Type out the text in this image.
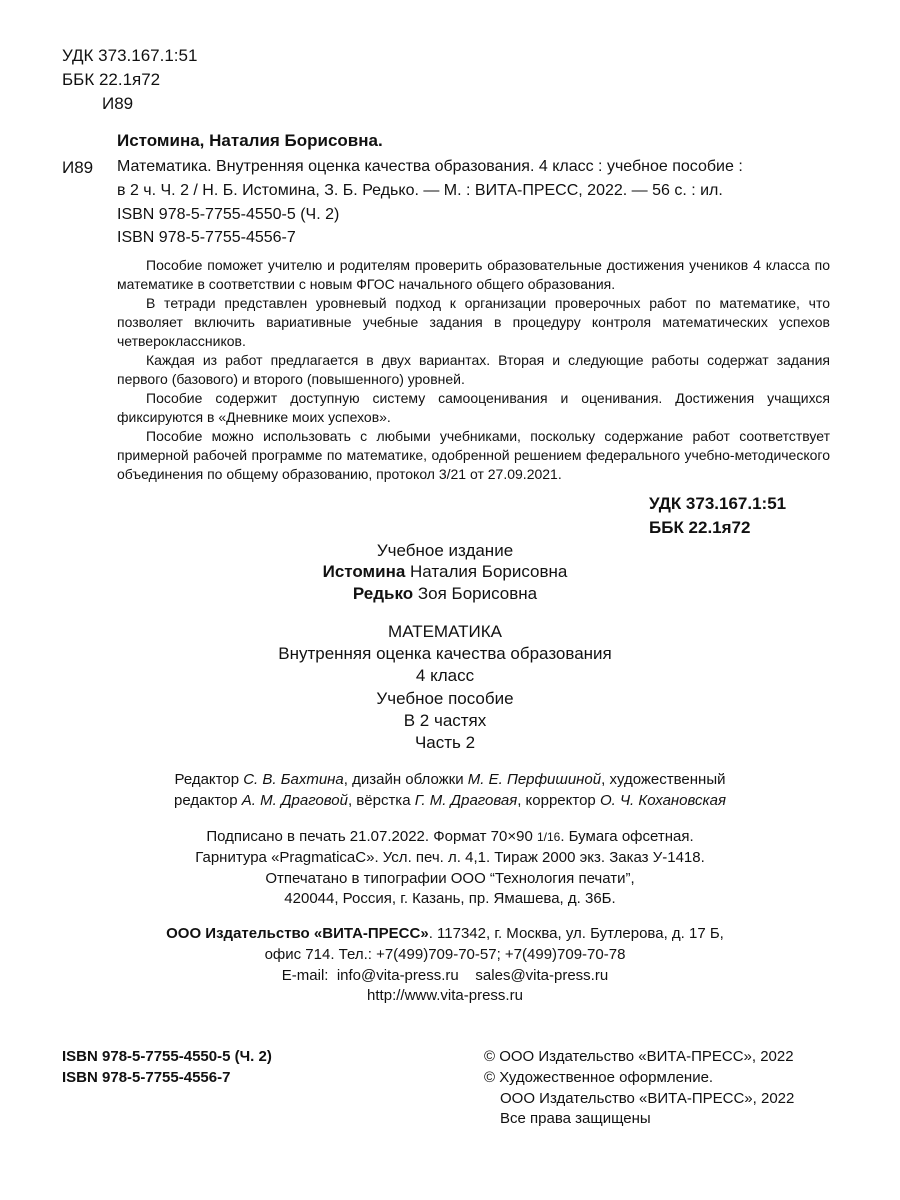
УДК 373.167.1:51
ББК 22.1я72
И89
Истомина, Наталия Борисовна.
И89 Математика. Внутренняя оценка качества образования. 4 класс : учебное пособие :
в 2 ч. Ч. 2 / Н. Б. Истомина, З. Б. Редько. — М. : ВИТА-ПРЕСС, 2022. — 56 с. : ил.
ISBN 978-5-7755-4550-5 (Ч. 2)
ISBN 978-5-7755-4556-7

Пособие поможет учителю и родителям проверить образовательные достижения учеников 4 класса по математике в соответствии с новым ФГОС начального общего образования.

В тетради представлен уровневый подход к организации проверочных работ по математике, что позволяет включить вариативные учебные задания в процедуру контроля математических успехов четвероклассников.

Каждая из работ предлагается в двух вариантах. Вторая и следующие работы содержат задания первого (базового) и второго (повышенного) уровней.

Пособие содержит доступную систему самооценивания и оценивания. Достижения учащихся фиксируются в «Дневнике моих успехов».

Пособие можно использовать с любыми учебниками, поскольку содержание работ соответствует примерной рабочей программе по математике, одобренной решением федерального учебно-методического объединения по общему образованию, протокол 3/21 от 27.09.2021.

УДК 373.167.1:51
ББК 22.1я72
Учебное издание
Истомина Наталия Борисовна
Редько Зоя Борисовна
МАТЕМАТИКА
Внутренняя оценка качества образования
4 класс
Учебное пособие
В 2 частях
Часть 2
Редактор С. В. Бахтина, дизайн обложки М. Е. Перфишиной, художественный
редактор А. М. Драговой, вёрстка Г. М. Драговая, корректор О. Ч. Кохановская
Подписано в печать 21.07.2022. Формат 70×90 1/16. Бумага офсетная.
Гарнитура «PragmaticaC». Усл. печ. л. 4,1. Тираж 2000 экз. Заказ У-1418.
Отпечатано в типографии ООО “Технология печати”,
420044, Россия, г. Казань, пр. Ямашева, д. 36Б.
ООО Издательство «ВИТА-ПРЕСС». 117342, г. Москва, ул. Бутлерова, д. 17 Б,
офис 714. Тел.: +7(499)709-70-57; +7(499)709-70-78
E-mail: info@vita-press.ru sales@vita-press.ru
http://www.vita-press.ru
ISBN 978-5-7755-4550-5 (Ч. 2)
ISBN 978-5-7755-4556-7
© ООО Издательство «ВИТА-ПРЕСС», 2022
© Художественное оформление.
ООО Издательство «ВИТА-ПРЕСС», 2022
Все права защищены
